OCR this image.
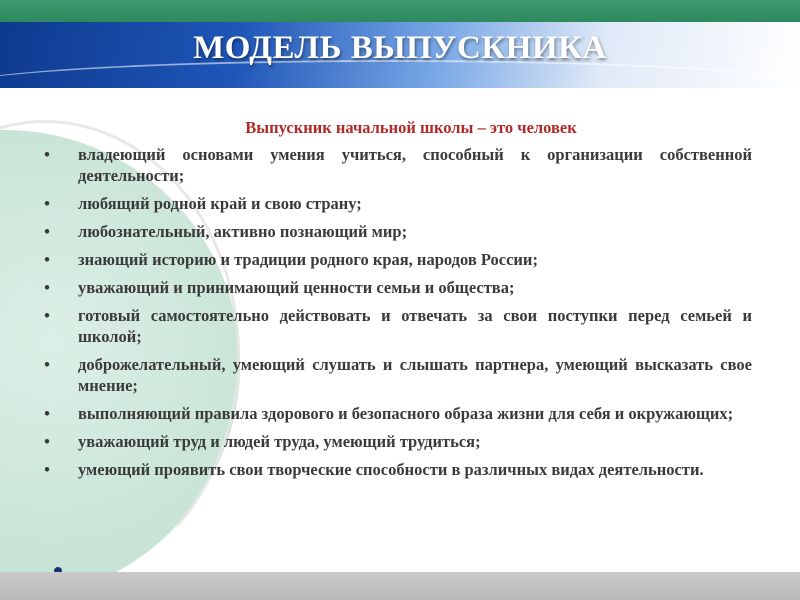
МОДЕЛЬ ВЫПУСКНИКА
Выпускник начальной школы – это человек
• владеющий основами умения учиться, способный к организации собственной деятельности;
• любящий родной край и свою страну;
• любознательный, активно познающий мир;
• знающий историю и традиции родного края, народов России;
• уважающий и принимающий ценности семьи и общества;
• готовый самостоятельно действовать и отвечать за свои поступки перед семьей и школой;
• доброжелательный, умеющий слушать и слышать партнера, умеющий высказать свое мнение;
• выполняющий правила здорового и безопасного образа жизни для себя и окружающих;
• уважающий труд и людей труда, умеющий трудиться;
• умеющий проявить свои творческие способности в различных видах деятельности.
